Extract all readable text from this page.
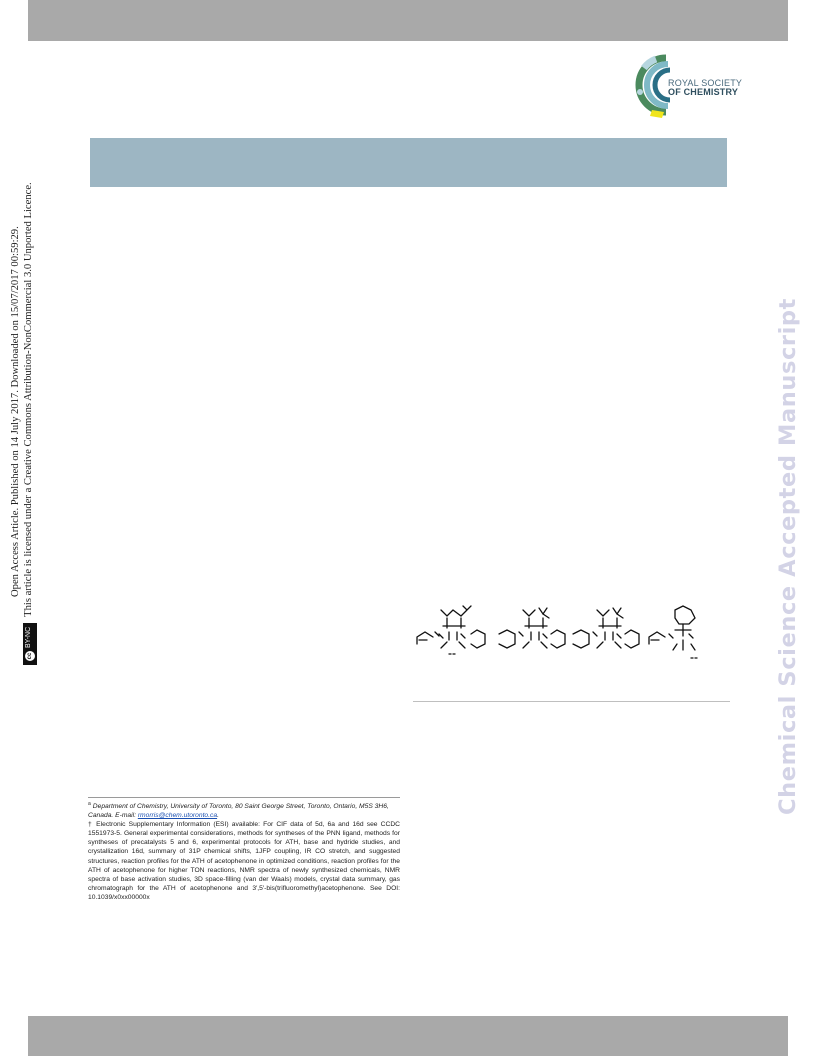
ROYAL SOCIETY
OF CHEMISTRY
Open Access Article. Published on 14 July 2017. Downloaded on 15/07/2017 00:59:29.
cc
BY-NC
This article is licensed under a Creative Commons Attribution-NonCommercial 3.0 Unported Licence.	Chemical Science Accepted Manuscript
$^a$ Department of Chemistry, University of Toronto, 80 Saint George Street, Toronto, Ontario, M5S 3H6, Canada. E-mail: rmorris@chem.utoronto.ca.
† Electronic Supplementary Information (ESI) available: For CIF data of 5d, 6a and 16d see CCDC 1551973-5. General experimental considerations, methods for syntheses of the PNN ligand, methods for syntheses of precatalysts 5 and 6, experimental protocols for ATH, base and hydride studies, and crystallization 16d, summary of 31P chemical shifts, 1JFP coupling, IR CO stretch, and suggested structures, reaction profiles for the ATH of acetophenone in optimized conditions, reaction profiles for the ATH of acetophenone for higher TON reactions, NMR spectra of newly synthesized chemicals, NMR spectra of base activation studies, 3D space-filling (van der Waals) models, crystal data summary, gas chromatograph for the ATH of acetophenone and 3′,5′-bis(trifluoromethyl)acetophenone. See DOI: 10.1039/x0xx00000x
